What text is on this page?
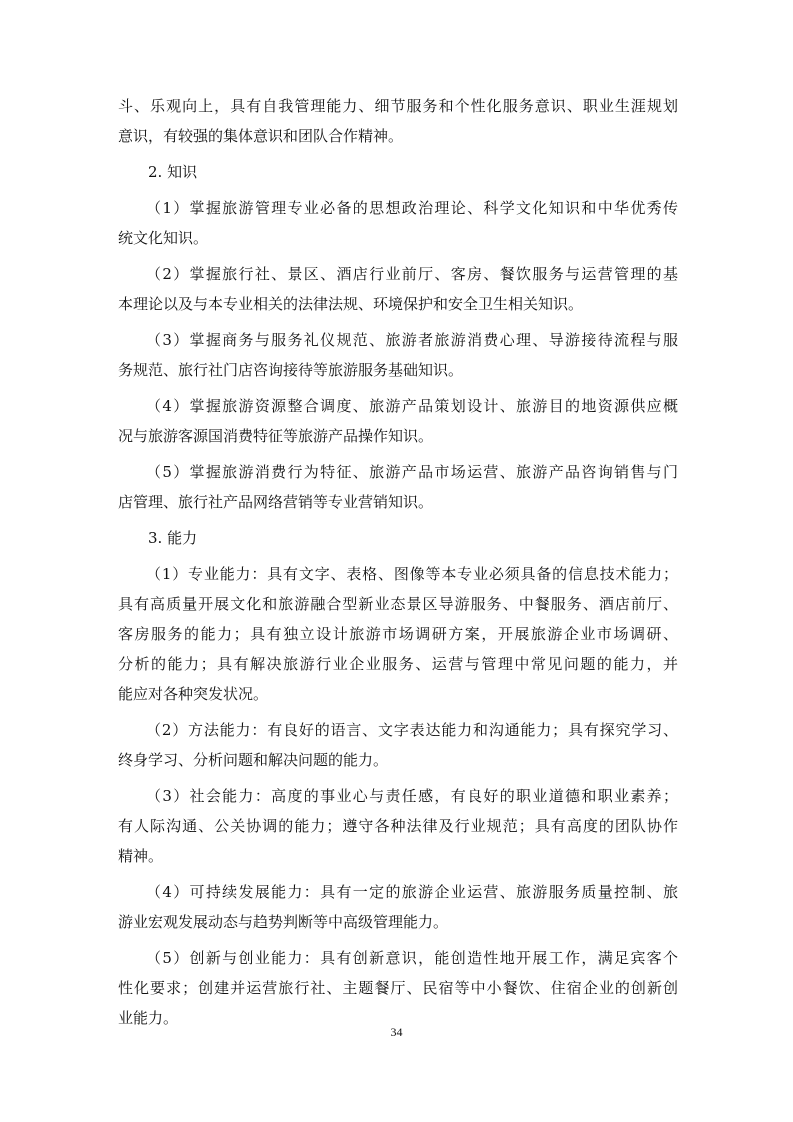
斗、乐观向上，具有自我管理能力、细节服务和个性化服务意识、职业生涯规划
意识，有较强的集体意识和团队合作精神。
2. 知识
（1）掌握旅游管理专业必备的思想政治理论、科学文化知识和中华优秀传
统文化知识。
（2）掌握旅行社、景区、酒店行业前厅、客房、餐饮服务与运营管理的基
本理论以及与本专业相关的法律法规、环境保护和安全卫生相关知识。
（3）掌握商务与服务礼仪规范、旅游者旅游消费心理、导游接待流程与服
务规范、旅行社门店咨询接待等旅游服务基础知识。
（4）掌握旅游资源整合调度、旅游产品策划设计、旅游目的地资源供应概
况与旅游客源国消费特征等旅游产品操作知识。
（5）掌握旅游消费行为特征、旅游产品市场运营、旅游产品咨询销售与门
店管理、旅行社产品网络营销等专业营销知识。
3. 能力
（1）专业能力：具有文字、表格、图像等本专业必须具备的信息技术能力；
具有高质量开展文化和旅游融合型新业态景区导游服务、中餐服务、酒店前厅、
客房服务的能力；具有独立设计旅游市场调研方案，开展旅游企业市场调研、
分析的能力；具有解决旅游行业企业服务、运营与管理中常见问题的能力，并
能应对各种突发状况。
（2）方法能力：有良好的语言、文字表达能力和沟通能力；具有探究学习、
终身学习、分析问题和解决问题的能力。
（3）社会能力：高度的事业心与责任感，有良好的职业道德和职业素养；
有人际沟通、公关协调的能力；遵守各种法律及行业规范；具有高度的团队协作
精神。
（4）可持续发展能力：具有一定的旅游企业运营、旅游服务质量控制、旅
游业宏观发展动态与趋势判断等中高级管理能力。
（5）创新与创业能力：具有创新意识，能创造性地开展工作，满足宾客个
性化要求；创建并运营旅行社、主题餐厅、民宿等中小餐饮、住宿企业的创新创
业能力。
34
